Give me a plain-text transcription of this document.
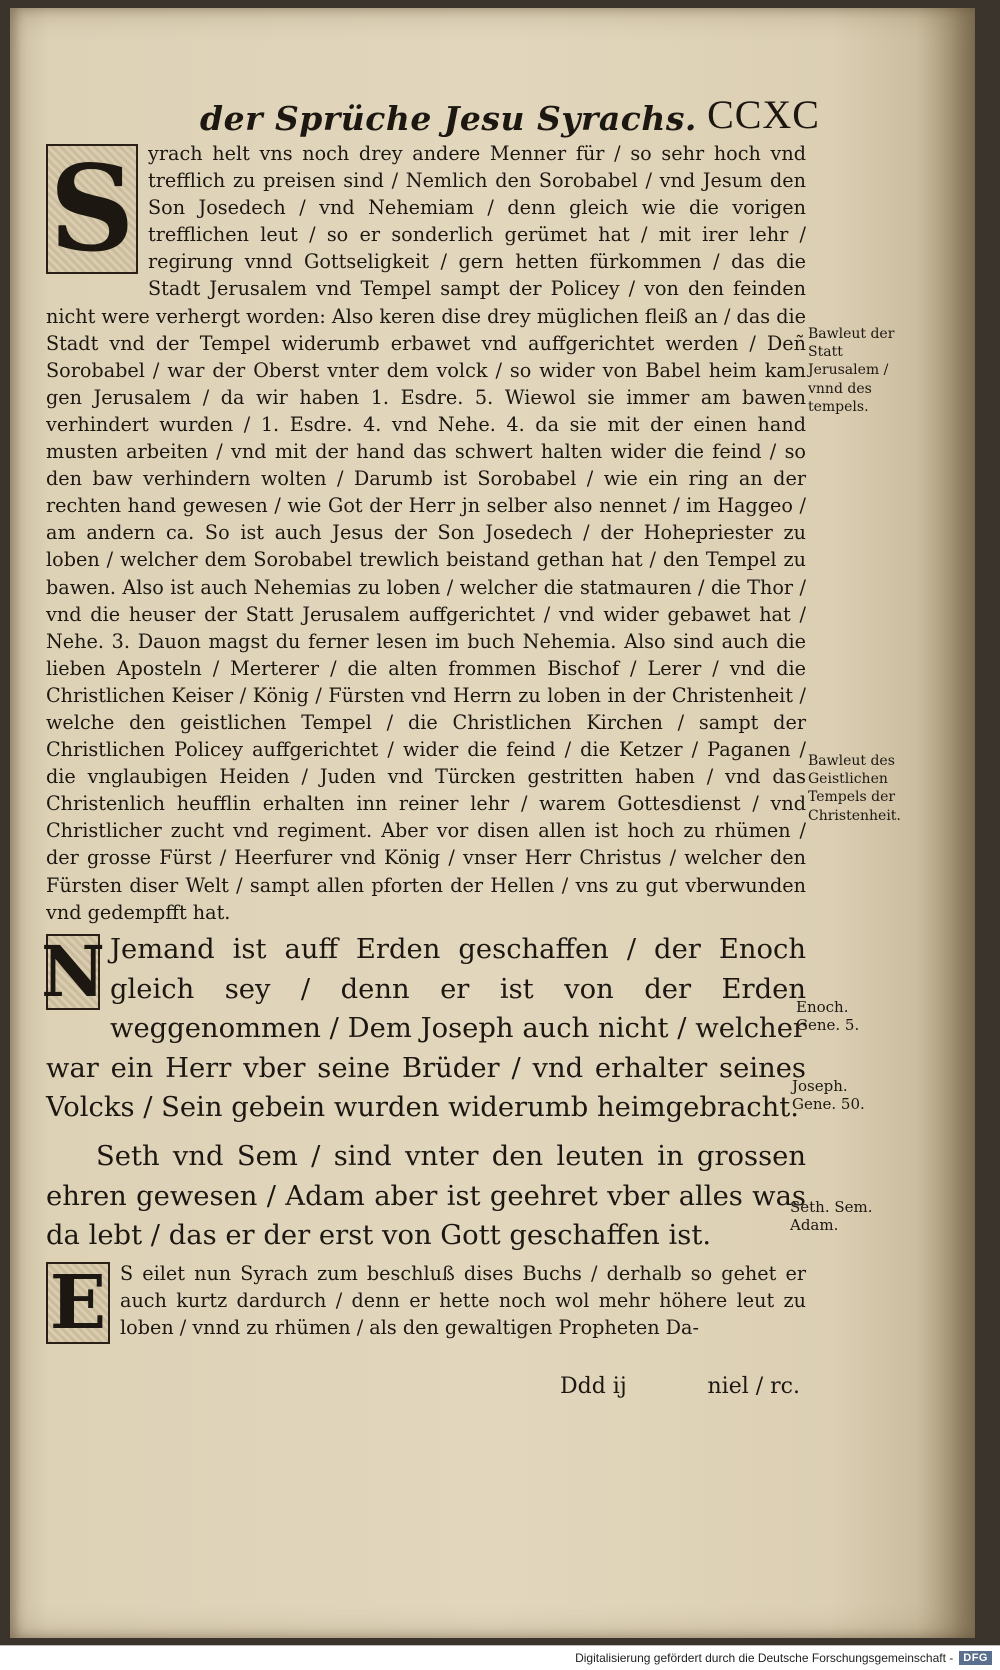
der Sprüche Jesu Syrachs. CCXC
S yrach helt vns noch drey andere Menner für / so sehr hoch vnd trefflich zu preisen sind / Nemlich den Sorobabel / vnd Jesum den Son Josedech / vnd Nehemiam / denn gleich wie die vorigen trefflichen leut / so er sonderlich gerümet hat / mit irer lehr / regirung vnnd Gottseligkeit / gern hetten fürkommen / das die Stadt Jerusalem vnd Tempel sampt der Policey / von den feinden nicht were verhergt worden: Also keren dise drey müglichen fleiß an / das die Stadt vnd der Tempel widerumb erbawet vnd auffgerichtet werden / Deñ Sorobabel / war der Oberst vnter dem volck / so wider von Babel heim kam gen Jerusalem / da wir haben 1. Esdre. 5. Wiewol sie immer am bawen verhindert wurden / 1. Esdre. 4. vnd Nehe. 4. da sie mit der einen hand musten arbeiten / vnd mit der hand das schwert halten wider die feind / so den baw verhindern wolten / Darumb ist Sorobabel / wie ein ring an der rechten hand gewesen / wie Got der Herr jn selber also nennet / im Haggeo / am andern ca. So ist auch Jesus der Son Josedech / der Hohepriester zu loben / welcher dem Sorobabel trewlich beistand gethan hat / den Tempel zu bawen. Also ist auch Nehemias zu loben / welcher die statmauren / die Thor / vnd die heuser der Statt Jerusalem auffgerichtet / vnd wider gebawet hat / Nehe. 3. Dauon magst du ferner lesen im buch Nehemia. Also sind auch die lieben Aposteln / Merterer / die alten frommen Bischof / Lerer / vnd die Christlichen Keiser / König / Fürsten vnd Herrn zu loben in der Christenheit / welche den geistlichen Tempel / die Christlichen Kirchen / sampt der Christlichen Policey auffgerichtet / wider die feind / die Ketzer / Paganen / die vnglaubigen Heiden / Juden vnd Türcken gestritten haben / vnd das Christenlich heufflin erhalten inn reiner lehr / warem Gottesdienst / vnd Christlicher zucht vnd regiment. Aber vor disen allen ist hoch zu rhümen / der grosse Fürst / Heerfurer vnd König / vnser Herr Christus / welcher den Fürsten diser Welt / sampt allen pforten der Hellen / vns zu gut vberwunden vnd gedempfft hat.
N Jemand ist auff Erden geschaffen / der Enoch gleich sey / denn er ist von der Erden weggenommen / Dem Joseph auch nicht / welcher war ein Herr vber seine Brüder / vnd erhalter seines Volcks / Sein gebein wurden widerumb heimgebracht.
Seth vnd Sem / sind vnter den leuten in grossen ehren gewesen / Adam aber ist geehret vber alles was da lebt / das er der erst von Gott geschaffen ist.
E S eilet nun Syrach zum beschluß dises Buchs / derhalb so gehet er auch kurtz dardurch / denn er hette noch wol mehr höhere leut zu loben / vnnd zu rhümen / als den gewaltigen Propheten Da-
Ddd ij	niel / rc.
Bawleut der Statt Jerusalem / vnnd des tempels.
Bawleut des Geistlichen Tempels der Christenheit.
Enoch. Gene. 5.
Joseph. Gene. 50.
Seth. Sem. Adam.
Digitalisierung gefördert durch die Deutsche Forschungsgemeinschaft - DFG
